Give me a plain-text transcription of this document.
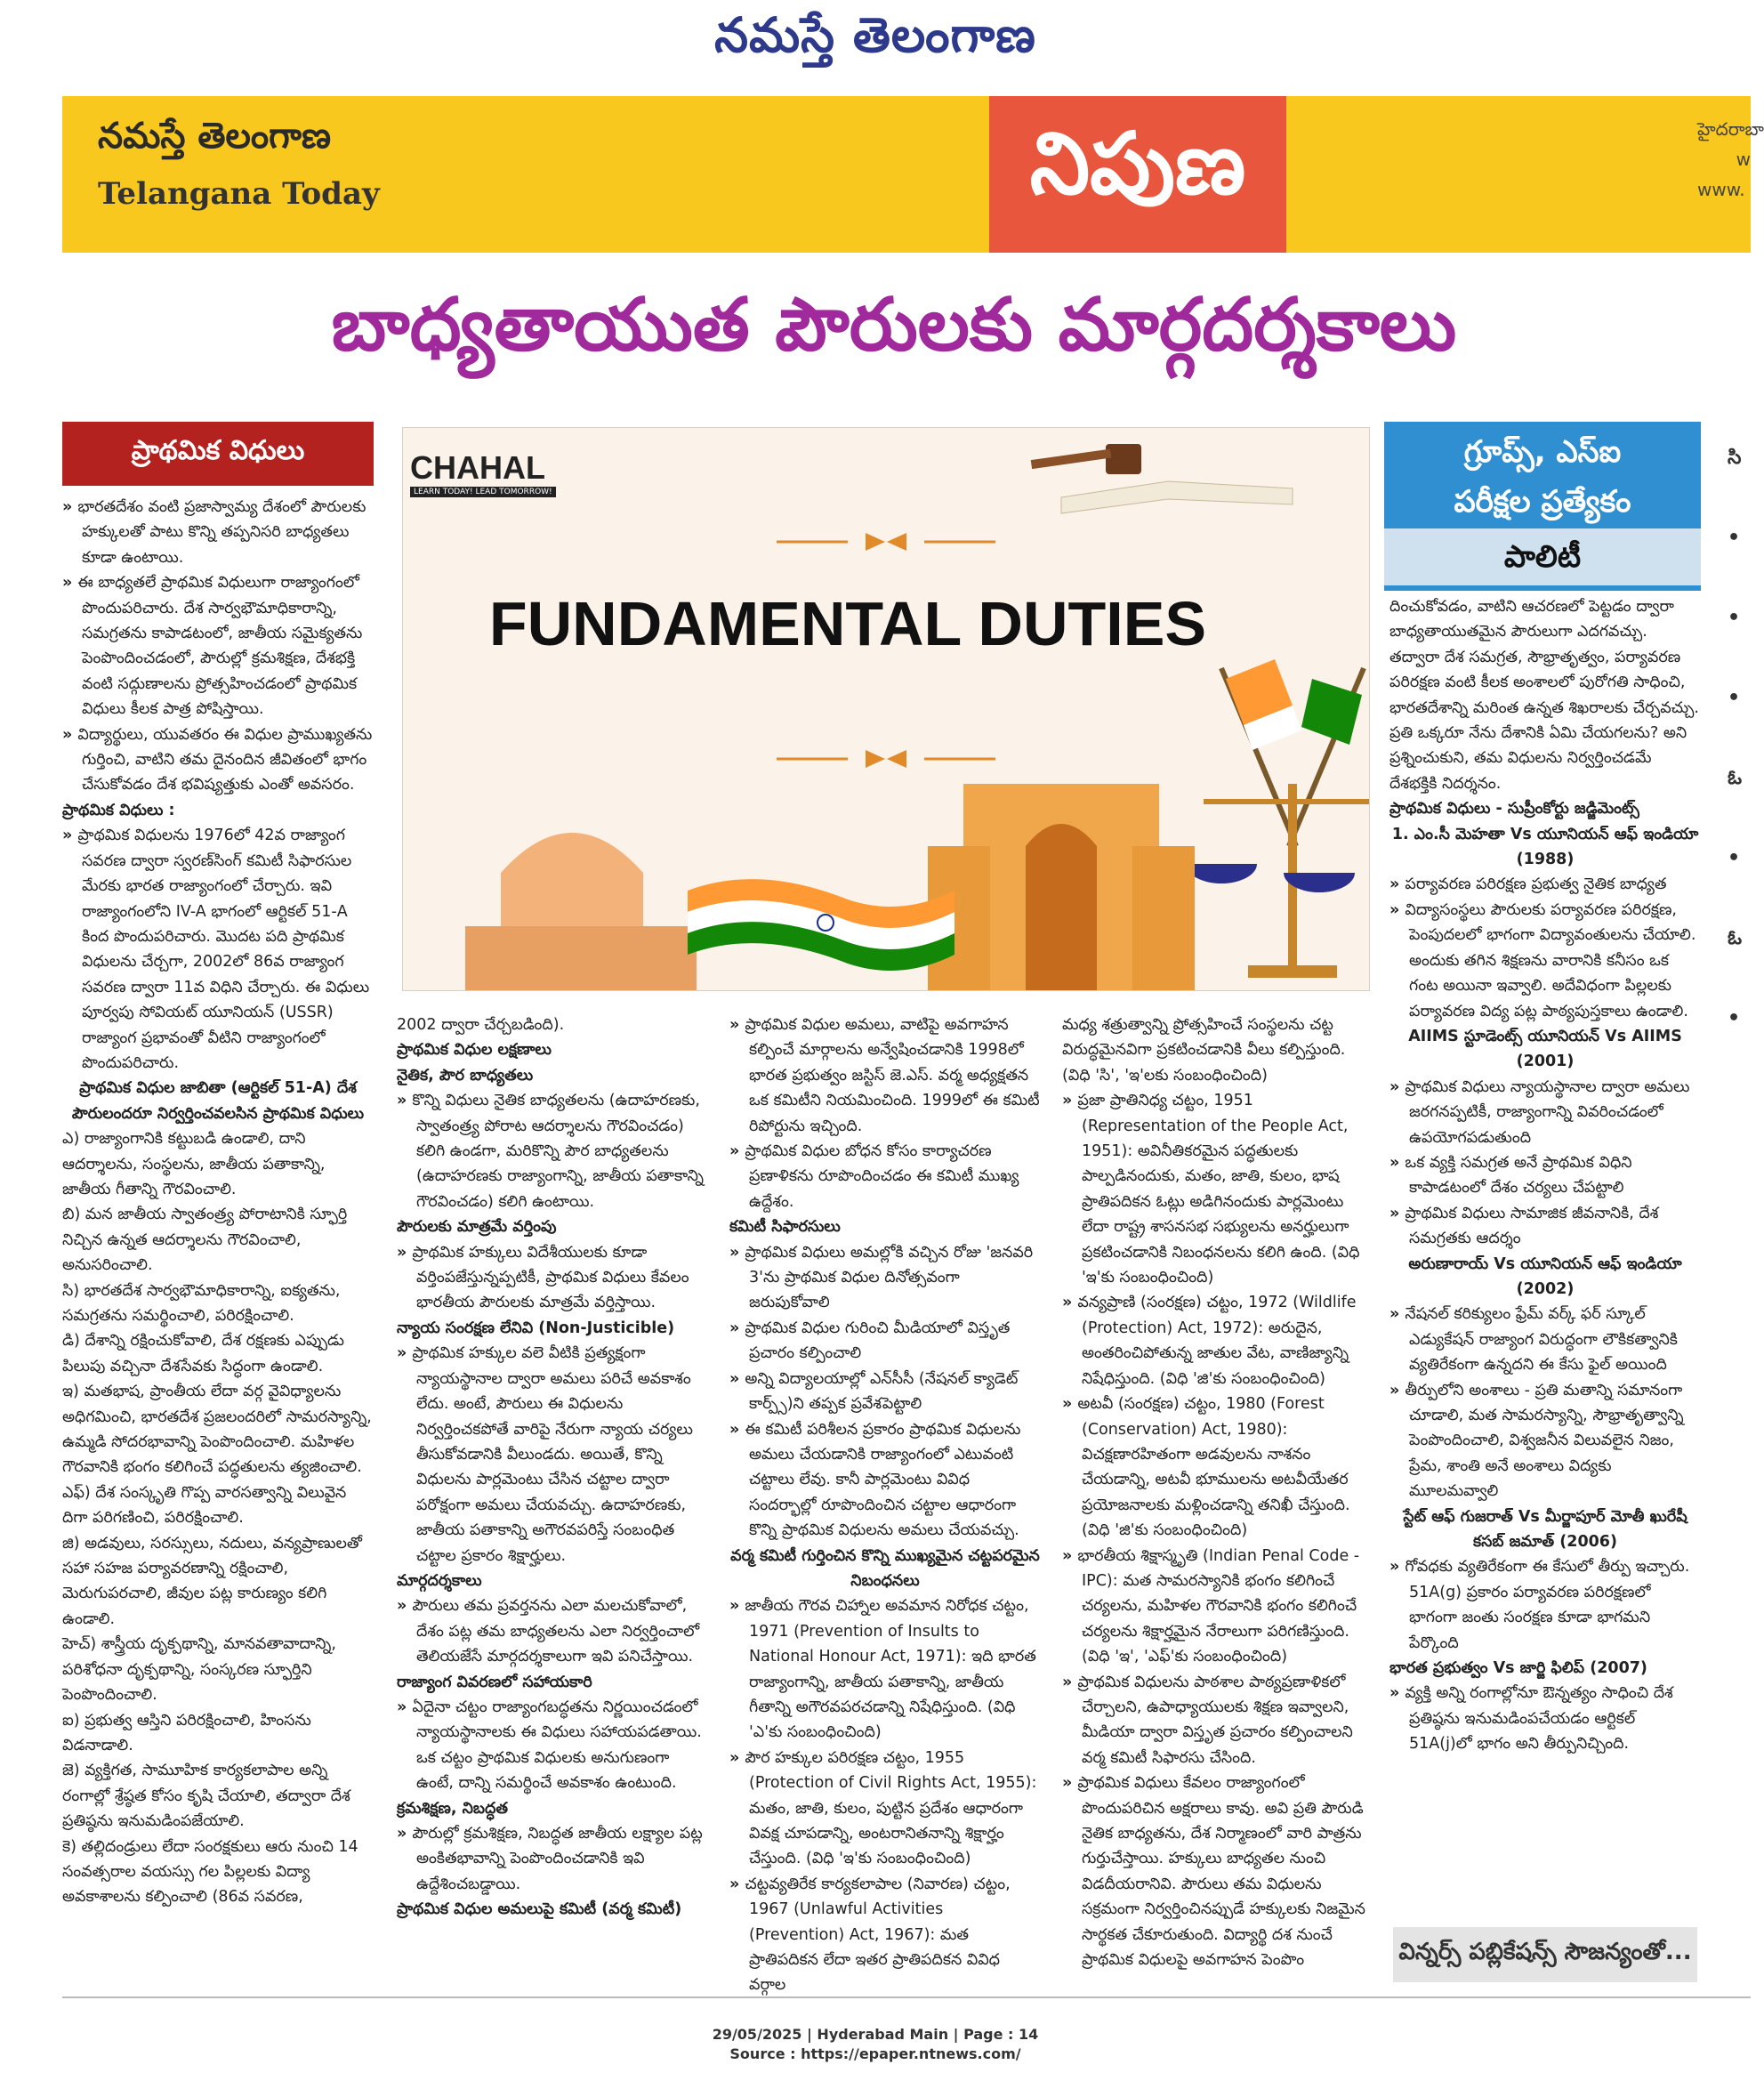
నమస్తే తెలంగాణ
నమస్తే తెలంగాణ
Telangana Today	నిపుణ	హైదరాబా
w
www.
బాధ్యతాయుత పౌరులకు మార్గదర్శకాలు
ప్రాథమిక విధులు	CHAHAL
LEARN TODAY! LEAD TOMORROW!
FUNDAMENTAL DUTIES
గ్రూప్స్, ఎస్‌ఐ
పరీక్షల ప్రత్యేకం
పాలిటీ

» భారతదేశం వంటి ప్రజాస్వామ్య దేశంలో పౌరులకు హక్కులతో పాటు కొన్ని తప్పనిసరి బాధ్యతలు కూడా ఉంటాయి.

» ఈ బాధ్యతలే ప్రాథమిక విధులుగా రాజ్యాంగంలో పొందుపరిచారు. దేశ సార్వభౌమాధికారాన్ని, సమగ్రతను కాపాడటంలో, జాతీయ సమైక్యతను పెంపొందించడంలో, పౌరుల్లో క్రమశిక్షణ, దేశభక్తి వంటి సద్గుణాలను ప్రోత్సహించడంలో ప్రాథమిక విధులు కీలక పాత్ర పోషిస్తాయి.

» విద్యార్థులు, యువతరం ఈ విధుల ప్రాముఖ్యతను గుర్తించి, వాటిని తమ దైనందిన జీవితంలో భాగం చేసుకోవడం దేశ భవిష్యత్తుకు ఎంతో అవసరం.

ప్రాథమిక విధులు :

» ప్రాథమిక విధులను 1976లో 42వ రాజ్యాంగ సవరణ ద్వారా స్వరణ్‌సింగ్ కమిటీ సిఫారసుల మేరకు భారత రాజ్యాంగంలో చేర్చారు. ఇవి రాజ్యాంగంలోని IV-A భాగంలో ఆర్టికల్ 51-A కింద పొందుపరిచారు. మొదట పది ప్రాథమిక విధులను చేర్చగా, 2002లో 86వ రాజ్యాంగ సవరణ ద్వారా 11వ విధిని చేర్చారు. ఈ విధులు పూర్వపు సోవియట్ యూనియన్ (USSR) రాజ్యాంగ ప్రభావంతో వీటిని రాజ్యాంగంలో పొందుపరిచారు.

ప్రాథమిక విధుల జాబితా (ఆర్టికల్ 51-A) దేశ పౌరులందరూ నిర్వర్తించవలసిన ప్రాథమిక విధులు

ఎ) రాజ్యాంగానికి కట్టుబడి ఉండాలి, దాని ఆదర్శాలను, సంస్థలను, జాతీయ పతాకాన్ని, జాతీయ గీతాన్ని గౌరవించాలి.

బి) మన జాతీయ స్వాతంత్ర్య పోరాటానికి స్ఫూర్తి నిచ్చిన ఉన్నత ఆదర్శాలను గౌరవించాలి, అనుసరించాలి.

సి) భారతదేశ సార్వభౌమాధికారాన్ని, ఐక్యతను, సమగ్రతను సమర్థించాలి, పరిరక్షించాలి.

డి) దేశాన్ని రక్షించుకోవాలి, దేశ రక్షణకు ఎప్పుడు పిలుపు వచ్చినా దేశసేవకు సిద్ధంగా ఉండాలి.

ఇ) మతభాష, ప్రాంతీయ లేదా వర్గ వైవిధ్యాలను అధిగమించి, భారతదేశ ప్రజలందరిలో సామరస్యాన్ని, ఉమ్మడి సోదరభావాన్ని పెంపొందించాలి. మహిళల గౌరవానికి భంగం కలిగించే పద్ధతులను త్యజించాలి.

ఎఫ్) దేశ సంస్కృతి గొప్ప వారసత్వాన్ని విలువైన దిగా పరిగణించి, పరిరక్షించాలి.

జి) అడవులు, సరస్సులు, నదులు, వన్యప్రాణులతో సహా సహజ పర్యావరణాన్ని రక్షించాలి, మెరుగుపరచాలి, జీవుల పట్ల కారుణ్యం కలిగి ఉండాలి.

హెచ్) శాస్త్రీయ దృక్పథాన్ని, మానవతావాదాన్ని, పరిశోధనా దృక్పథాన్ని, సంస్కరణ స్ఫూర్తిని పెంపొందించాలి.

ఐ) ప్రభుత్వ ఆస్తిని పరిరక్షించాలి, హింసను విడనాడాలి.

జె) వ్యక్తిగత, సామూహిక కార్యకలాపాల అన్ని రంగాల్లో శ్రేష్ఠత కోసం కృషి చేయాలి, తద్వారా దేశ ప్రతిష్ఠను ఇనుమడింపజేయాలి.

కె) తల్లిదండ్రులు లేదా సంరక్షకులు ఆరు నుంచి 14 సంవత్సరాల వయస్సు గల పిల్లలకు విద్యా అవకాశాలను కల్పించాలి (86వ సవరణ,

2002 ద్వారా చేర్చబడింది).

ప్రాథమిక విధుల లక్షణాలు

నైతిక, పౌర బాధ్యతలు

» కొన్ని విధులు నైతిక బాధ్యతలను (ఉదాహరణకు, స్వాతంత్ర్య పోరాట ఆదర్శాలను గౌరవించడం) కలిగి ఉండగా, మరికొన్ని పౌర బాధ్యతలను (ఉదాహరణకు రాజ్యాంగాన్ని, జాతీయ పతాకాన్ని గౌరవించడం) కలిగి ఉంటాయి.

పౌరులకు మాత్రమే వర్తింపు

» ప్రాథమిక హక్కులు విదేశీయులకు కూడా వర్తింపజేస్తున్నప్పటికీ, ప్రాథమిక విధులు కేవలం భారతీయ పౌరులకు మాత్రమే వర్తిస్తాయి.

న్యాయ సంరక్షణ లేనివి (Non-Justicible)

» ప్రాథమిక హక్కుల వలె వీటికి ప్రత్యక్షంగా న్యాయస్థానాల ద్వారా అమలు పరిచే అవకాశం లేదు. అంటే, పౌరులు ఈ విధులను నిర్వర్తించకపోతే వారిపై నేరుగా న్యాయ చర్యలు తీసుకోవడానికి వీలుండదు. అయితే, కొన్ని విధులను పార్లమెంటు చేసిన చట్టాల ద్వారా పరోక్షంగా అమలు చేయవచ్చు. ఉదాహరణకు, జాతీయ పతాకాన్ని అగౌరవపరిస్తే సంబంధిత చట్టాల ప్రకారం శిక్షార్హులు.

మార్గదర్శకాలు

» పౌరులు తమ ప్రవర్తనను ఎలా మలచుకోవాలో, దేశం పట్ల తమ బాధ్యతలను ఎలా నిర్వర్తించాలో తెలియజేసే మార్గదర్శకాలుగా ఇవి పనిచేస్తాయి.

రాజ్యాంగ వివరణలో సహాయకారి

» ఏదైనా చట్టం రాజ్యాంగబద్ధతను నిర్ణయించడంలో న్యాయస్థానాలకు ఈ విధులు సహాయపడతాయి. ఒక చట్టం ప్రాథమిక విధులకు అనుగుణంగా ఉంటే, దాన్ని సమర్థించే అవకాశం ఉంటుంది.

క్రమశిక్షణ, నిబద్ధత

» పౌరుల్లో క్రమశిక్షణ, నిబద్ధత జాతీయ లక్ష్యాల పట్ల అంకితభావాన్ని పెంపొందించడానికి ఇవి ఉద్దేశించబడ్డాయి.

ప్రాథమిక విధుల అమలుపై కమిటీ (వర్మ కమిటీ)

» ప్రాథమిక విధుల అమలు, వాటిపై అవగాహన కల్పించే మార్గాలను అన్వేషించడానికి 1998లో భారత ప్రభుత్వం జస్టిస్ జె.ఎస్. వర్మ అధ్యక్షతన ఒక కమిటీని నియమించింది. 1999లో ఈ కమిటీ రిపోర్టును ఇచ్చింది.

» ప్రాథమిక విధుల బోధన కోసం కార్యాచరణ ప్రణాళికను రూపొందించడం ఈ కమిటీ ముఖ్య ఉద్దేశం.

కమిటీ సిఫారసులు

» ప్రాథమిక విధులు అమల్లోకి వచ్చిన రోజు 'జనవరి 3'ను ప్రాథమిక విధుల దినోత్సవంగా జరుపుకోవాలి

» ప్రాథమిక విధుల గురించి మీడియాలో విస్తృత ప్రచారం కల్పించాలి

» అన్ని విద్యాలయాల్లో ఎన్‌సీసీ (నేషనల్ క్యాడెట్ కార్ప్స్)ని తప్పక ప్రవేశపెట్టాలి

» ఈ కమిటీ పరిశీలన ప్రకారం ప్రాథమిక విధులను అమలు చేయడానికి రాజ్యాంగంలో ఎటువంటి చట్టాలు లేవు. కానీ పార్లమెంటు వివిధ సందర్భాల్లో రూపొందించిన చట్టాల ఆధారంగా కొన్ని ప్రాథమిక విధులను అమలు చేయవచ్చు.

వర్మ కమిటీ గుర్తించిన కొన్ని ముఖ్యమైన చట్టపరమైన నిబంధనలు

» జాతీయ గౌరవ చిహ్నాల అవమాన నిరోధక చట్టం, 1971 (Prevention of Insults to National Honour Act, 1971): ఇది భారత రాజ్యాంగాన్ని, జాతీయ పతాకాన్ని, జాతీయ గీతాన్ని అగౌరవపరచడాన్ని నిషేధిస్తుంది. (విధి 'ఎ'కు సంబంధించింది)

» పౌర హక్కుల పరిరక్షణ చట్టం, 1955 (Protection of Civil Rights Act, 1955): మతం, జాతి, కులం, పుట్టిన ప్రదేశం ఆధారంగా వివక్ష చూపడాన్ని, అంటరానితనాన్ని శిక్షార్హం చేస్తుంది. (విధి 'ఇ'కు సంబంధించింది)

» చట్టవ్యతిరేక కార్యకలాపాల (నివారణ) చట్టం, 1967 (Unlawful Activities (Prevention) Act, 1967): మత ప్రాతిపదికన లేదా ఇతర ప్రాతిపదికన వివిధ వర్గాల

మధ్య శత్రుత్వాన్ని ప్రోత్సహించే సంస్థలను చట్ట విరుద్ధమైనవిగా ప్రకటించడానికి వీలు కల్పిస్తుంది. (విధి 'సి', 'ఇ'లకు సంబంధించింది)

» ప్రజా ప్రాతినిధ్య చట్టం, 1951 (Representation of the People Act, 1951): అవినీతికరమైన పద్ధతులకు పాల్పడినందుకు, మతం, జాతి, కులం, భాష ప్రాతిపదికన ఓట్లు అడిగినందుకు పార్లమెంటు లేదా రాష్ట్ర శాసనసభ సభ్యులను అనర్హులుగా ప్రకటించడానికి నిబంధనలను కలిగి ఉంది. (విధి 'ఇ'కు సంబంధించింది)

» వన్యప్రాణి (సంరక్షణ) చట్టం, 1972 (Wildlife (Protection) Act, 1972): అరుదైన, అంతరించిపోతున్న జాతుల వేట, వాణిజ్యాన్ని నిషేధిస్తుంది. (విధి 'జి'కు సంబంధించింది)

» అటవీ (సంరక్షణ) చట్టం, 1980 (Forest (Conservation) Act, 1980): విచక్షణారహితంగా అడవులను నాశనం చేయడాన్ని, అటవీ భూములను అటవీయేతర ప్రయోజనాలకు మళ్లించడాన్ని తనిఖీ చేస్తుంది. (విధి 'జి'కు సంబంధించింది)

» భారతీయ శిక్షాస్మృతి (Indian Penal Code - IPC): మత సామరస్యానికి భంగం కలిగించే చర్యలను, మహిళల గౌరవానికి భంగం కలిగించే చర్యలను శిక్షార్హమైన నేరాలుగా పరిగణిస్తుంది. (విధి 'ఇ', 'ఎఫ్'కు సంబంధించింది)

» ప్రాథమిక విధులను పాఠశాల పాఠ్యప్రణాళికలో చేర్చాలని, ఉపాధ్యాయులకు శిక్షణ ఇవ్వాలని, మీడియా ద్వారా విస్తృత ప్రచారం కల్పించాలని వర్మ కమిటీ సిఫారసు చేసింది.

» ప్రాథమిక విధులు కేవలం రాజ్యాంగంలో పొందుపరిచిన అక్షరాలు కావు. అవి ప్రతి పౌరుడి నైతిక బాధ్యతను, దేశ నిర్మాణంలో వారి పాత్రను గుర్తుచేస్తాయి. హక్కులు బాధ్యతల నుంచి విడదీయరానివి. పౌరులు తమ విధులను సక్రమంగా నిర్వర్తించినప్పుడే హక్కులకు నిజమైన సార్థకత చేకూరుతుంది. విద్యార్థి దశ నుంచే ప్రాథమిక విధులపై అవగాహన పెంపొం

దించుకోవడం, వాటిని ఆచరణలో పెట్టడం ద్వారా బాధ్యతాయుతమైన పౌరులుగా ఎదగవచ్చు. తద్వారా దేశ సమగ్రత, సౌభ్రాతృత్వం, పర్యావరణ పరిరక్షణ వంటి కీలక అంశాలలో పురోగతి సాధించి, భారతదేశాన్ని మరింత ఉన్నత శిఖరాలకు చేర్చవచ్చు. ప్రతి ఒక్కరూ నేను దేశానికి ఏమి చేయగలను? అని ప్రశ్నించుకుని, తమ విధులను నిర్వర్తించడమే దేశభక్తికి నిదర్శనం.

ప్రాథమిక విధులు - సుప్రీంకోర్టు జడ్జిమెంట్స్

1. ఎం.సీ మెహతా Vs యూనియన్ ఆఫ్ ఇండియా (1988)

» పర్యావరణ పరిరక్షణ ప్రభుత్వ నైతిక బాధ్యత

» విద్యాసంస్థలు పౌరులకు పర్యావరణ పరిరక్షణ, పెంపుదలలో భాగంగా విద్యావంతులను చేయాలి. అందుకు తగిన శిక్షణను వారానికి కనీసం ఒక గంట అయినా ఇవ్వాలి. అదేవిధంగా పిల్లలకు పర్యావరణ విద్య పట్ల పాఠ్యపుస్తకాలు ఉండాలి.

AIIMS స్టూడెంట్స్ యూనియన్ Vs AIIMS (2001)

» ప్రాథమిక విధులు న్యాయస్థానాల ద్వారా అమలు జరగనప్పటికీ, రాజ్యాంగాన్ని వివరించడంలో ఉపయోగపడుతుంది

» ఒక వ్యక్తి సమగ్రత అనే ప్రాథమిక విధిని కాపాడటంలో దేశం చర్యలు చేపట్టాలి

» ప్రాథమిక విధులు సామాజిక జీవనానికి, దేశ సమగ్రతకు ఆదర్శం

అరుణారాయ్ Vs యూనియన్ ఆఫ్ ఇండియా (2002)

» నేషనల్ కరిక్యులం ఫ్రేమ్ వర్క్ ఫర్ స్కూల్ ఎడ్యుకేషన్ రాజ్యాంగ విరుద్ధంగా లౌకికత్వానికి వ్యతిరేకంగా ఉన్నదని ఈ కేసు ఫైల్ అయింది

» తీర్పులోని అంశాలు - ప్రతి మతాన్ని సమానంగా చూడాలి, మత సామరస్యాన్ని, సౌభ్రాతృత్వాన్ని పెంపొందించాలి, విశ్వజనీన విలువలైన నిజం, ప్రేమ, శాంతి అనే అంశాలు విద్యకు మూలమవ్వాలి

స్టేట్ ఆఫ్ గుజరాత్ Vs మీర్జాపూర్ మోతీ ఖురేషీ కసబ్ జమాత్ (2006)

» గోవధకు వ్యతిరేకంగా ఈ కేసులో తీర్పు ఇచ్చారు. 51A(g) ప్రకారం పర్యావరణ పరిరక్షణలో భాగంగా జంతు సంరక్షణ కూడా భాగమని పేర్కొంది

భారత ప్రభుత్వం Vs జార్జి ఫిలిప్ (2007)

» వ్యక్తి అన్ని రంగాల్లోనూ ఔన్నత్యం సాధించి దేశ ప్రతిష్ఠను ఇనుమడింపచేయడం ఆర్టికల్ 51A(j)లో భాగం అని తీర్పునిచ్చింది.

విన్నర్స్ పబ్లికేషన్స్ సౌజన్యంతో...
సి
•
•
•
ఓ
•
ఓ
•
29/05/2025 | Hyderabad Main | Page : 14
Source : https://epaper.ntnews.com/
